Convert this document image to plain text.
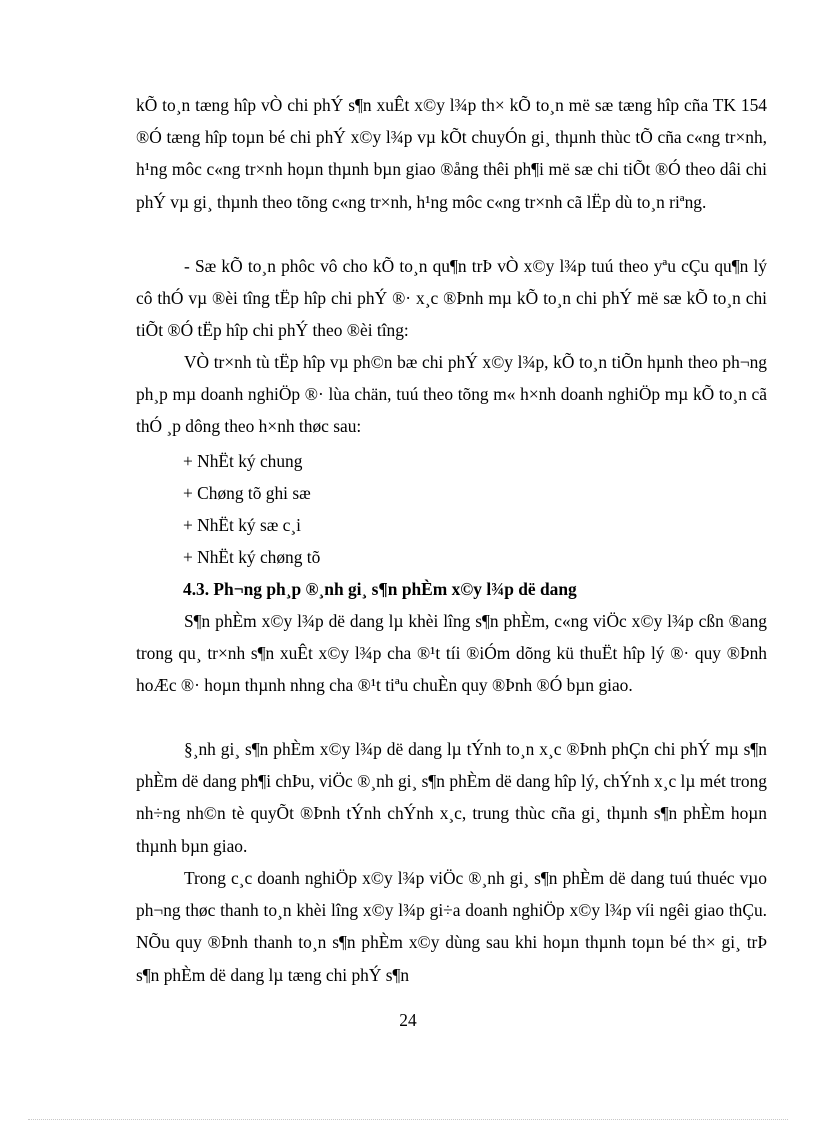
kÕ to¸n tæng hîp vÒ chi phÝ s¶n xuÊt x©y l¾p th× kÕ to¸n më sæ tæng hîp cña TK 154 ®Ó tæng hîp toµn bé chi phÝ x©y l¾p vµ kÕt chuyÓn gi¸ thµnh thùc tÕ cña c«ng tr×nh, h¹ng môc c«ng tr×nh hoµn thµnh bµn giao ®ång thêi ph¶i më sæ chi tiÕt ®Ó theo dâi chi phÝ vµ gi¸ thµnh theo tõng c«ng tr×nh, h¹ng môc c«ng tr×nh cã lËp dù to¸n riªng.

- Sæ kÕ to¸n phôc vô cho kÕ to¸n qu¶n trÞ vÒ x©y l¾p tuú theo yªu cÇu qu¶n lý cô thÓ vµ ®èi tîng tËp hîp chi phÝ ®· x¸c ®Þnh mµ kÕ to¸n chi phÝ më sæ kÕ to¸n chi tiÕt ®Ó tËp hîp chi phÝ theo ®èi tîng:

VÒ tr×nh tù tËp hîp vµ ph©n bæ chi phÝ x©y l¾p, kÕ to¸n tiÕn hµnh theo ph¬ng ph¸p mµ doanh nghiÖp ®· lùa chän, tuú theo tõng m« h×nh doanh nghiÖp mµ kÕ to¸n cã thÓ ¸p dông theo h×nh thøc sau:

+ NhËt ký chung
+ Chøng tõ ghi sæ
+ NhËt ký sæ c¸i
+ NhËt ký chøng tõ
4.3. Ph¬ng ph¸p ®¸nh gi¸ s¶n phÈm x©y l¾p dë dang

S¶n phÈm x©y l¾p dë dang lµ khèi lîng s¶n phÈm, c«ng viÖc x©y l¾p cßn ®ang trong qu¸ tr×nh s¶n xuÊt x©y l¾p cha ®¹t tíi ®iÓm dõng kü thuËt hîp lý ®· quy ®Þnh hoÆc ®· hoµn thµnh nhng cha ®¹t tiªu chuÈn quy ®Þnh ®Ó bµn giao.

§¸nh gi¸ s¶n phÈm x©y l¾p dë dang lµ tÝnh to¸n x¸c ®Þnh phÇn chi phÝ mµ s¶n phÈm dë dang ph¶i chÞu, viÖc ®¸nh gi¸ s¶n phÈm dë dang hîp lý, chÝnh x¸c lµ mét trong nh÷ng nh©n tè quyÕt ®Þnh tÝnh chÝnh x¸c, trung thùc cña gi¸ thµnh s¶n phÈm hoµn thµnh bµn giao.

Trong c¸c doanh nghiÖp x©y l¾p viÖc ®¸nh gi¸ s¶n phÈm dë dang tuú thuéc vµo ph¬ng thøc thanh to¸n khèi lîng x©y l¾p gi÷a doanh nghiÖp x©y l¾p víi ngêi giao thÇu. NÕu quy ®Þnh thanh to¸n s¶n phÈm x©y dùng sau khi hoµn thµnh toµn bé th× gi¸ trÞ s¶n phÈm dë dang lµ tæng chi phÝ s¶n

24
